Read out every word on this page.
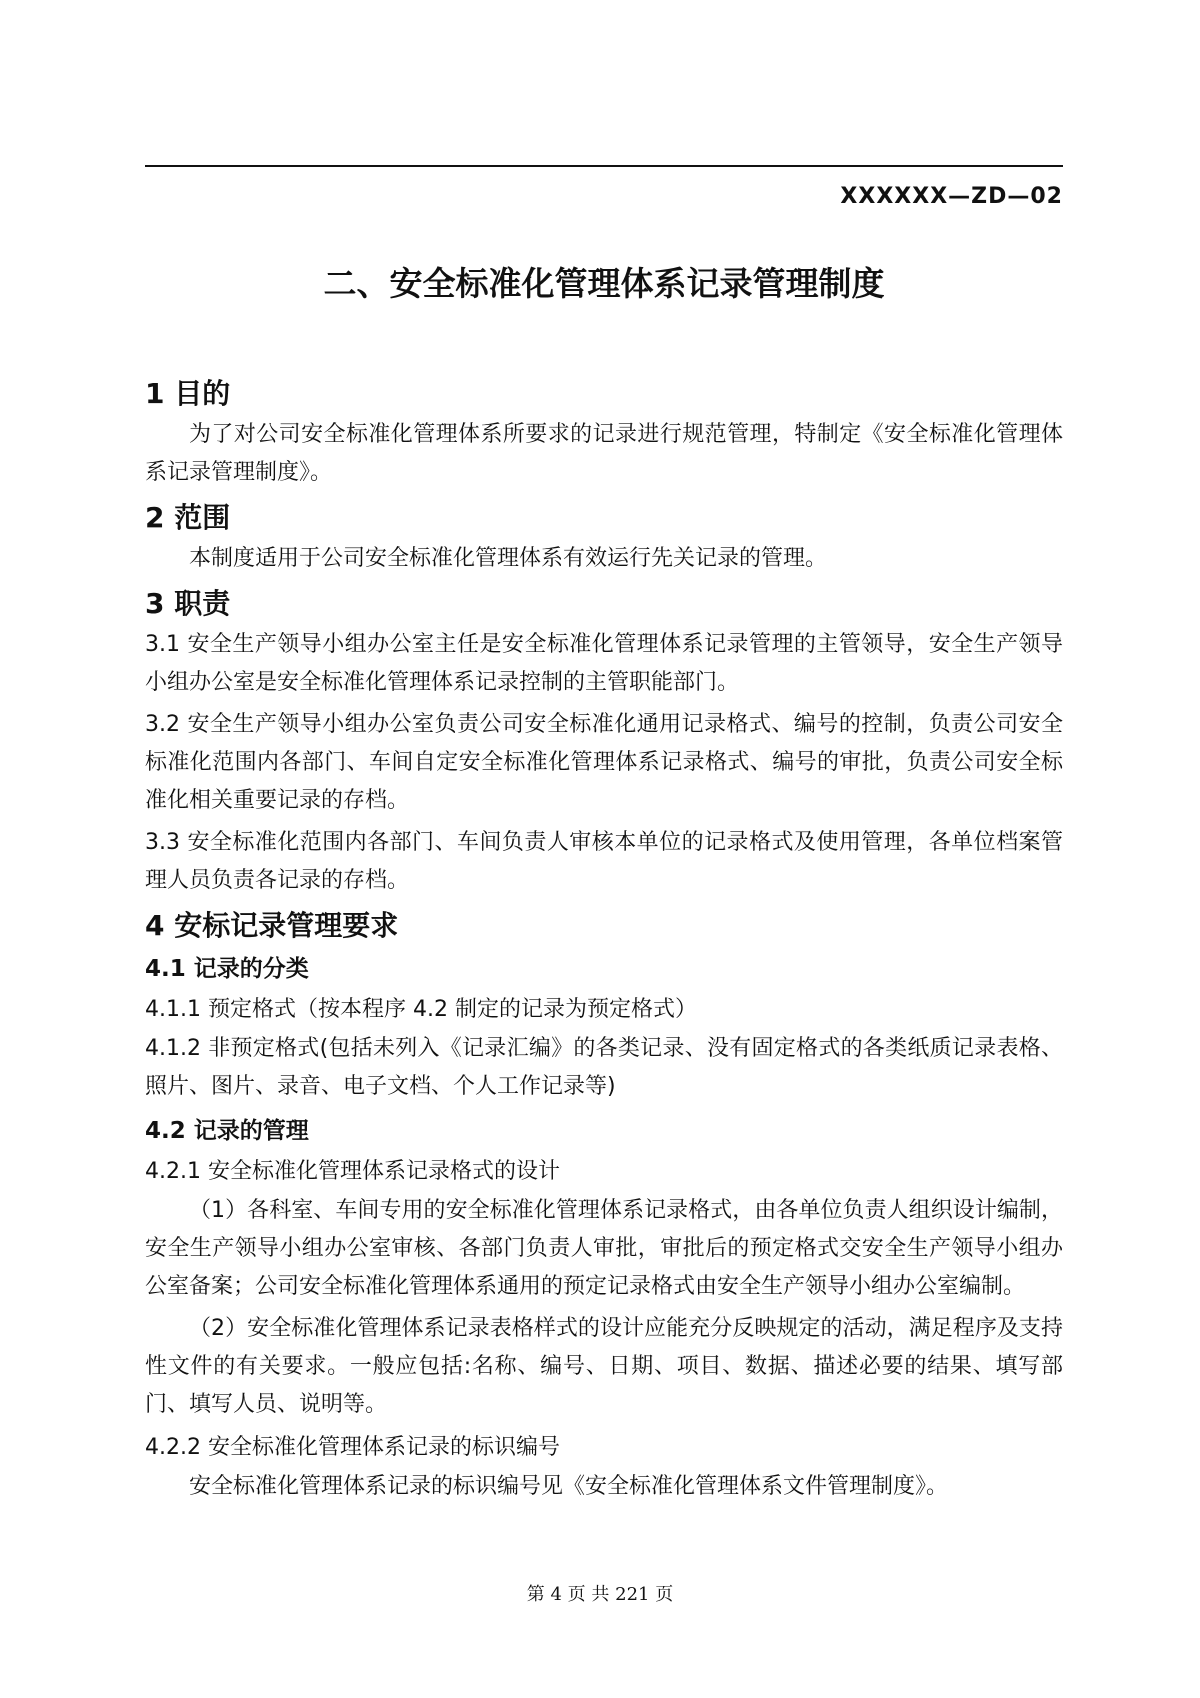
XXXXXX—ZD—02
二、安全标准化管理体系记录管理制度
1 目的

为了对公司安全标准化管理体系所要求的记录进行规范管理，特制定《安全标准化管理体系记录管理制度》。

2 范围

本制度适用于公司安全标准化管理体系有效运行先关记录的管理。

3 职责

3.1 安全生产领导小组办公室主任是安全标准化管理体系记录管理的主管领导，安全生产领导小组办公室是安全标准化管理体系记录控制的主管职能部门。

3.2 安全生产领导小组办公室负责公司安全标准化通用记录格式、编号的控制，负责公司安全标准化范围内各部门、车间自定安全标准化管理体系记录格式、编号的审批，负责公司安全标准化相关重要记录的存档。

3.3 安全标准化范围内各部门、车间负责人审核本单位的记录格式及使用管理，各单位档案管理人员负责各记录的存档。

4 安标记录管理要求
4.1 记录的分类

4.1.1 预定格式（按本程序 4.2 制定的记录为预定格式）

4.1.2 非预定格式(包括未列入《记录汇编》的各类记录、没有固定格式的各类纸质记录表格、照片、图片、录音、电子文档、个人工作记录等)

4.2 记录的管理

4.2.1 安全标准化管理体系记录格式的设计

（1）各科室、车间专用的安全标准化管理体系记录格式，由各单位负责人组织设计编制，安全生产领导小组办公室审核、各部门负责人审批，审批后的预定格式交安全生产领导小组办公室备案；公司安全标准化管理体系通用的预定记录格式由安全生产领导小组办公室编制。

（2）安全标准化管理体系记录表格样式的设计应能充分反映规定的活动，满足程序及支持性文件的有关要求。一般应包括:名称、编号、日期、项目、数据、描述必要的结果、填写部门、填写人员、说明等。

4.2.2 安全标准化管理体系记录的标识编号

安全标准化管理体系记录的标识编号见《安全标准化管理体系文件管理制度》。

第 4 页 共 221 页
